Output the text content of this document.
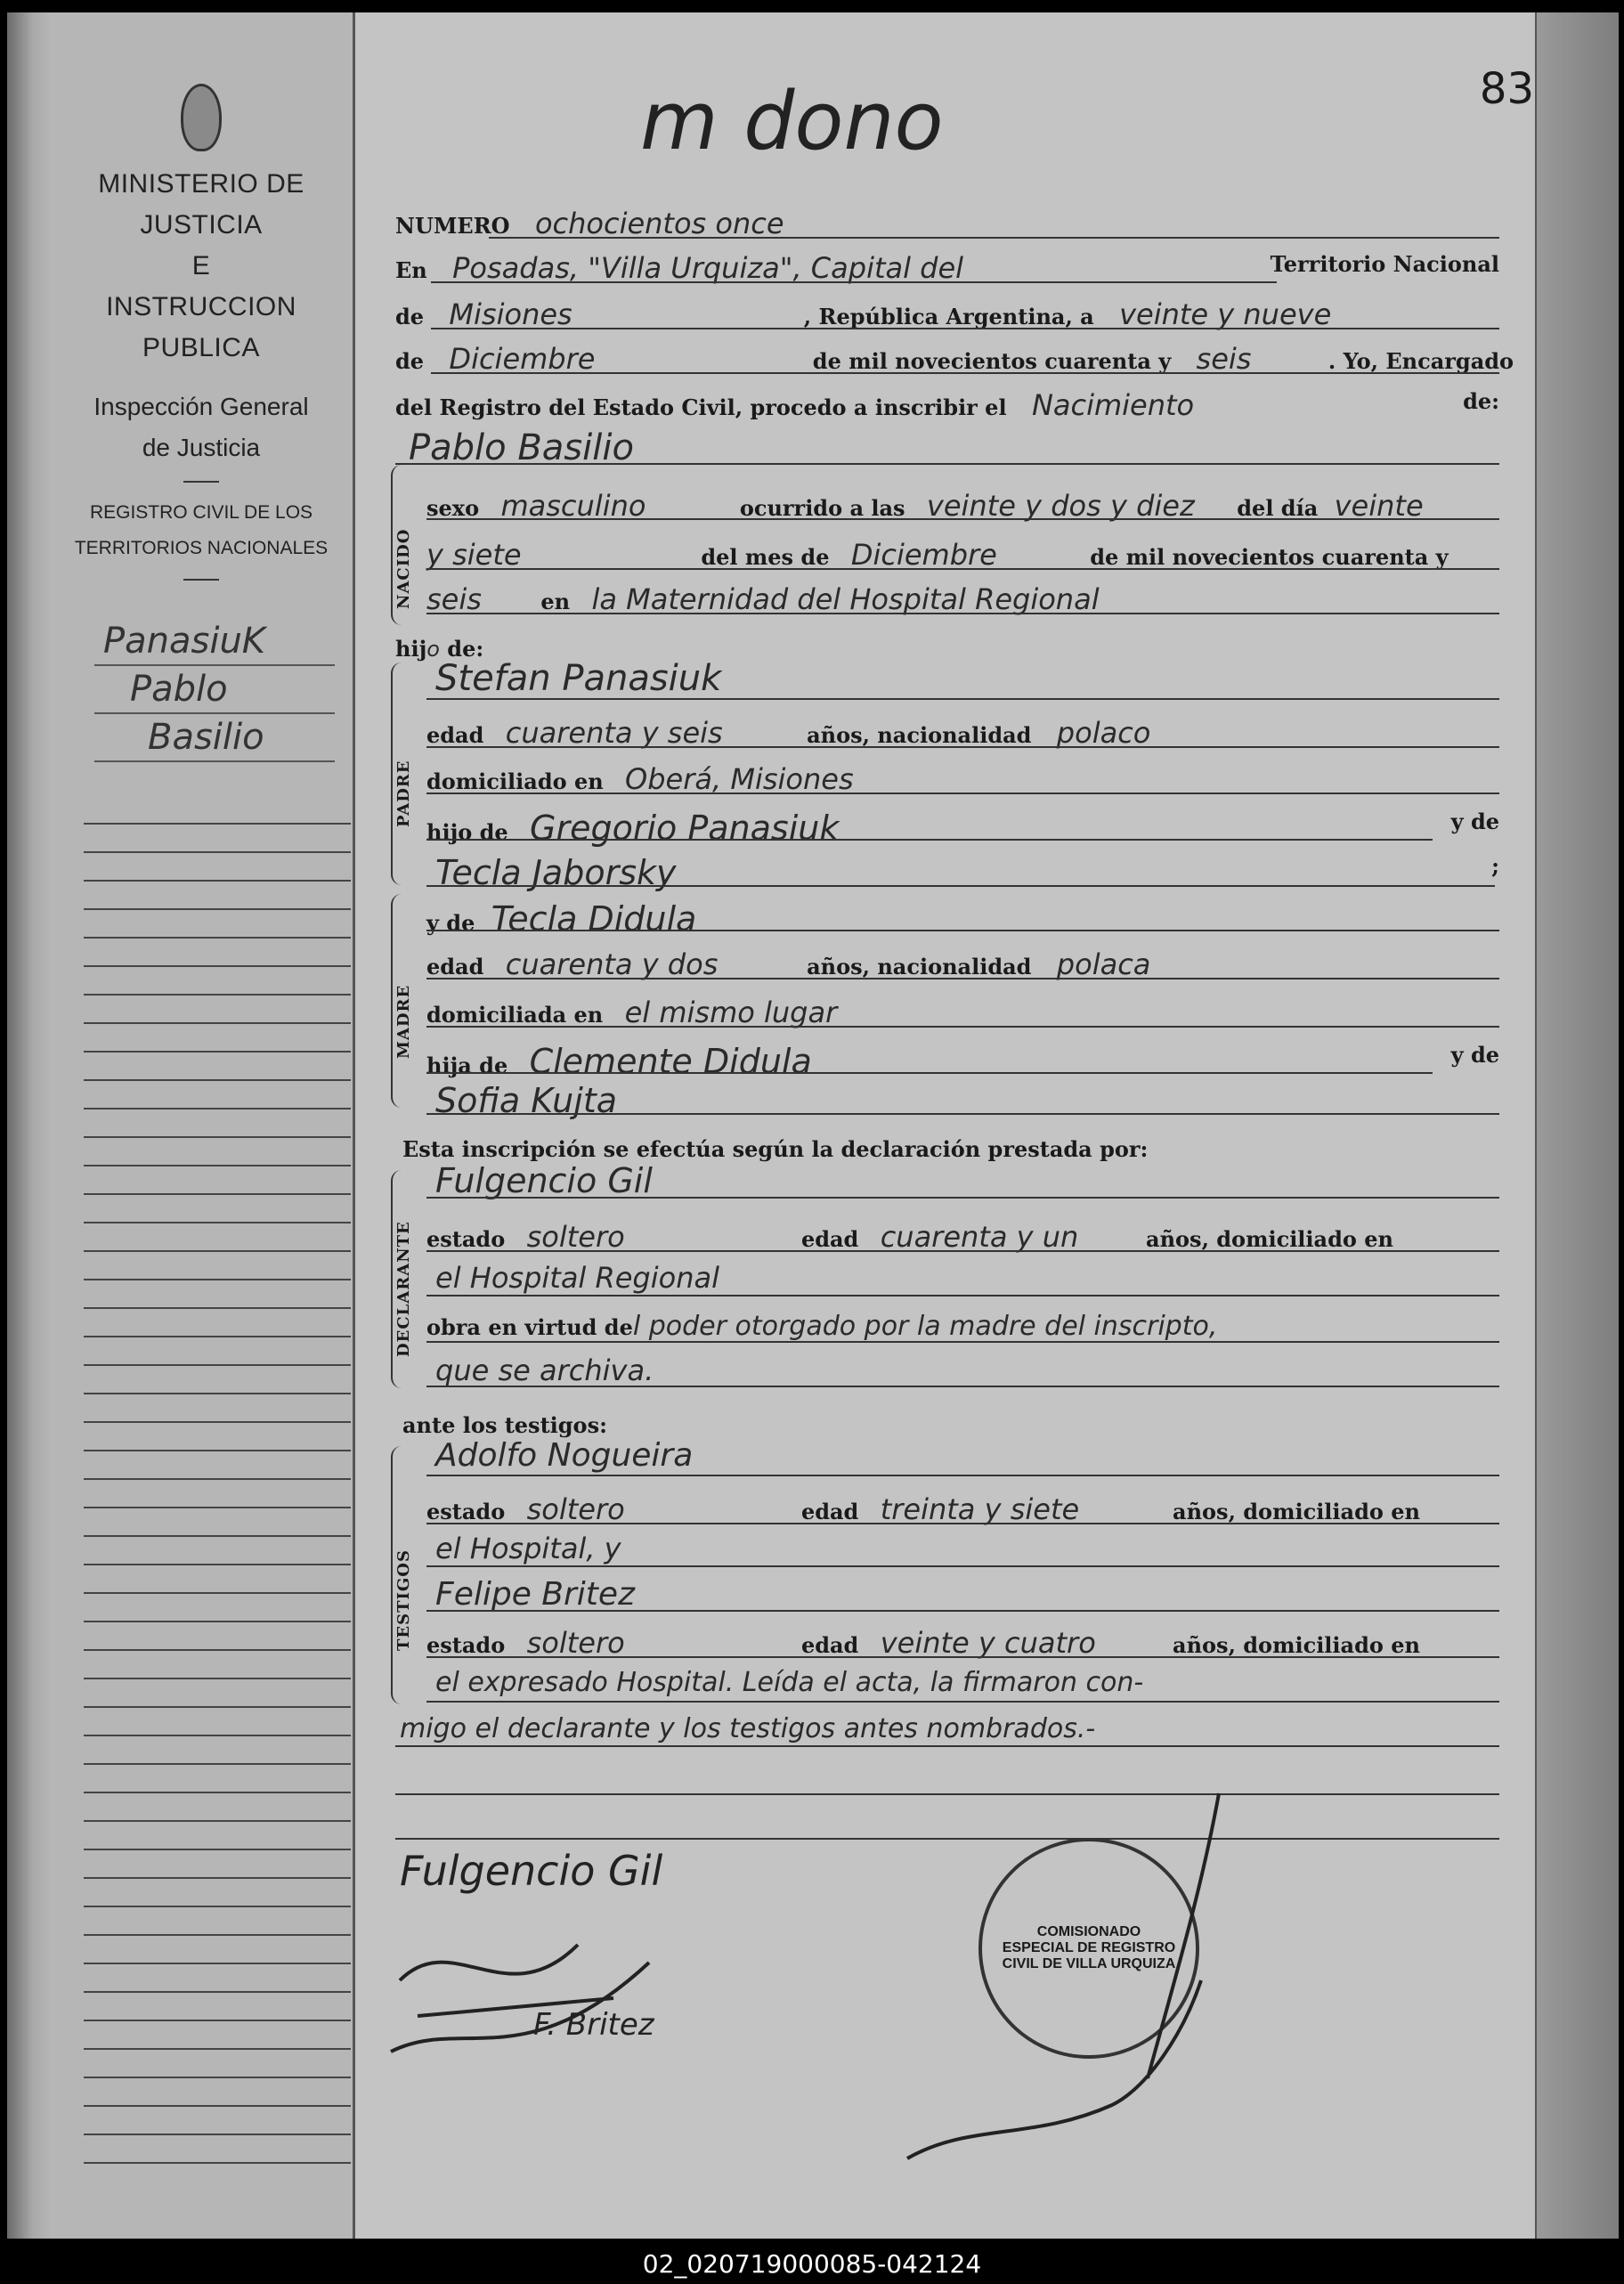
MINISTERIO DE JUSTICIA
E
INSTRUCCION PUBLICA
Inspección General
de Justicia
REGISTRO CIVIL DE LOS
TERRITORIOS NACIONALES
PanasiuK
Pablo
Basilio
83
m dono
NUMERO ochocientos once
En Posadas, "Villa Urquiza", Capital del	Territorio Nacional
de Misiones	, República Argentina, a veinte y nueve
de Diciembre	de mil novecientos cuarenta y seis	. Yo, Encargado
del Registro del Estado Civil, procedo a inscribir el Nacimiento	de:
Pablo Basilio
NACIDO
sexo masculino	ocurrido a las veinte y dos y diez del día veinte
y siete	del mes de Diciembre	de mil novecientos cuarenta y
seis	en la Maternidad del Hospital Regional
hijo de:
PADRE
Stefan Panasiuk
edad cuarenta y seis	años, nacionalidad polaco
domiciliado en Oberá, Misiones
hijo de Gregorio Panasiuk	y de
Tecla Jaborsky	;
MADRE
y de Tecla Didula
edad cuarenta y dos	años, nacionalidad polaca
domiciliada en el mismo lugar
hija de Clemente Didula	y de
Sofia Kujta
Esta inscripción se efectúa según la declaración prestada por:
DECLARANTE
Fulgencio Gil
estado soltero	edad cuarenta y un	años, domiciliado en
el Hospital Regional
obra en virtud del poder otorgado por la madre del inscripto,
que se archiva.
ante los testigos:
TESTIGOS
Adolfo Nogueira
estado soltero	edad treinta y siete	años, domiciliado en
el Hospital, y
Felipe Britez
estado soltero	edad veinte y cuatro	años, domiciliado en
el expresado Hospital. Leída el acta, la firmaron con-
migo el declarante y los testigos antes nombrados.-
Fulgencio Gil
F. Britez
COMISIONADO ESPECIAL DE REGISTRO CIVIL DE VILLA URQUIZA
02_020719000085-042124
